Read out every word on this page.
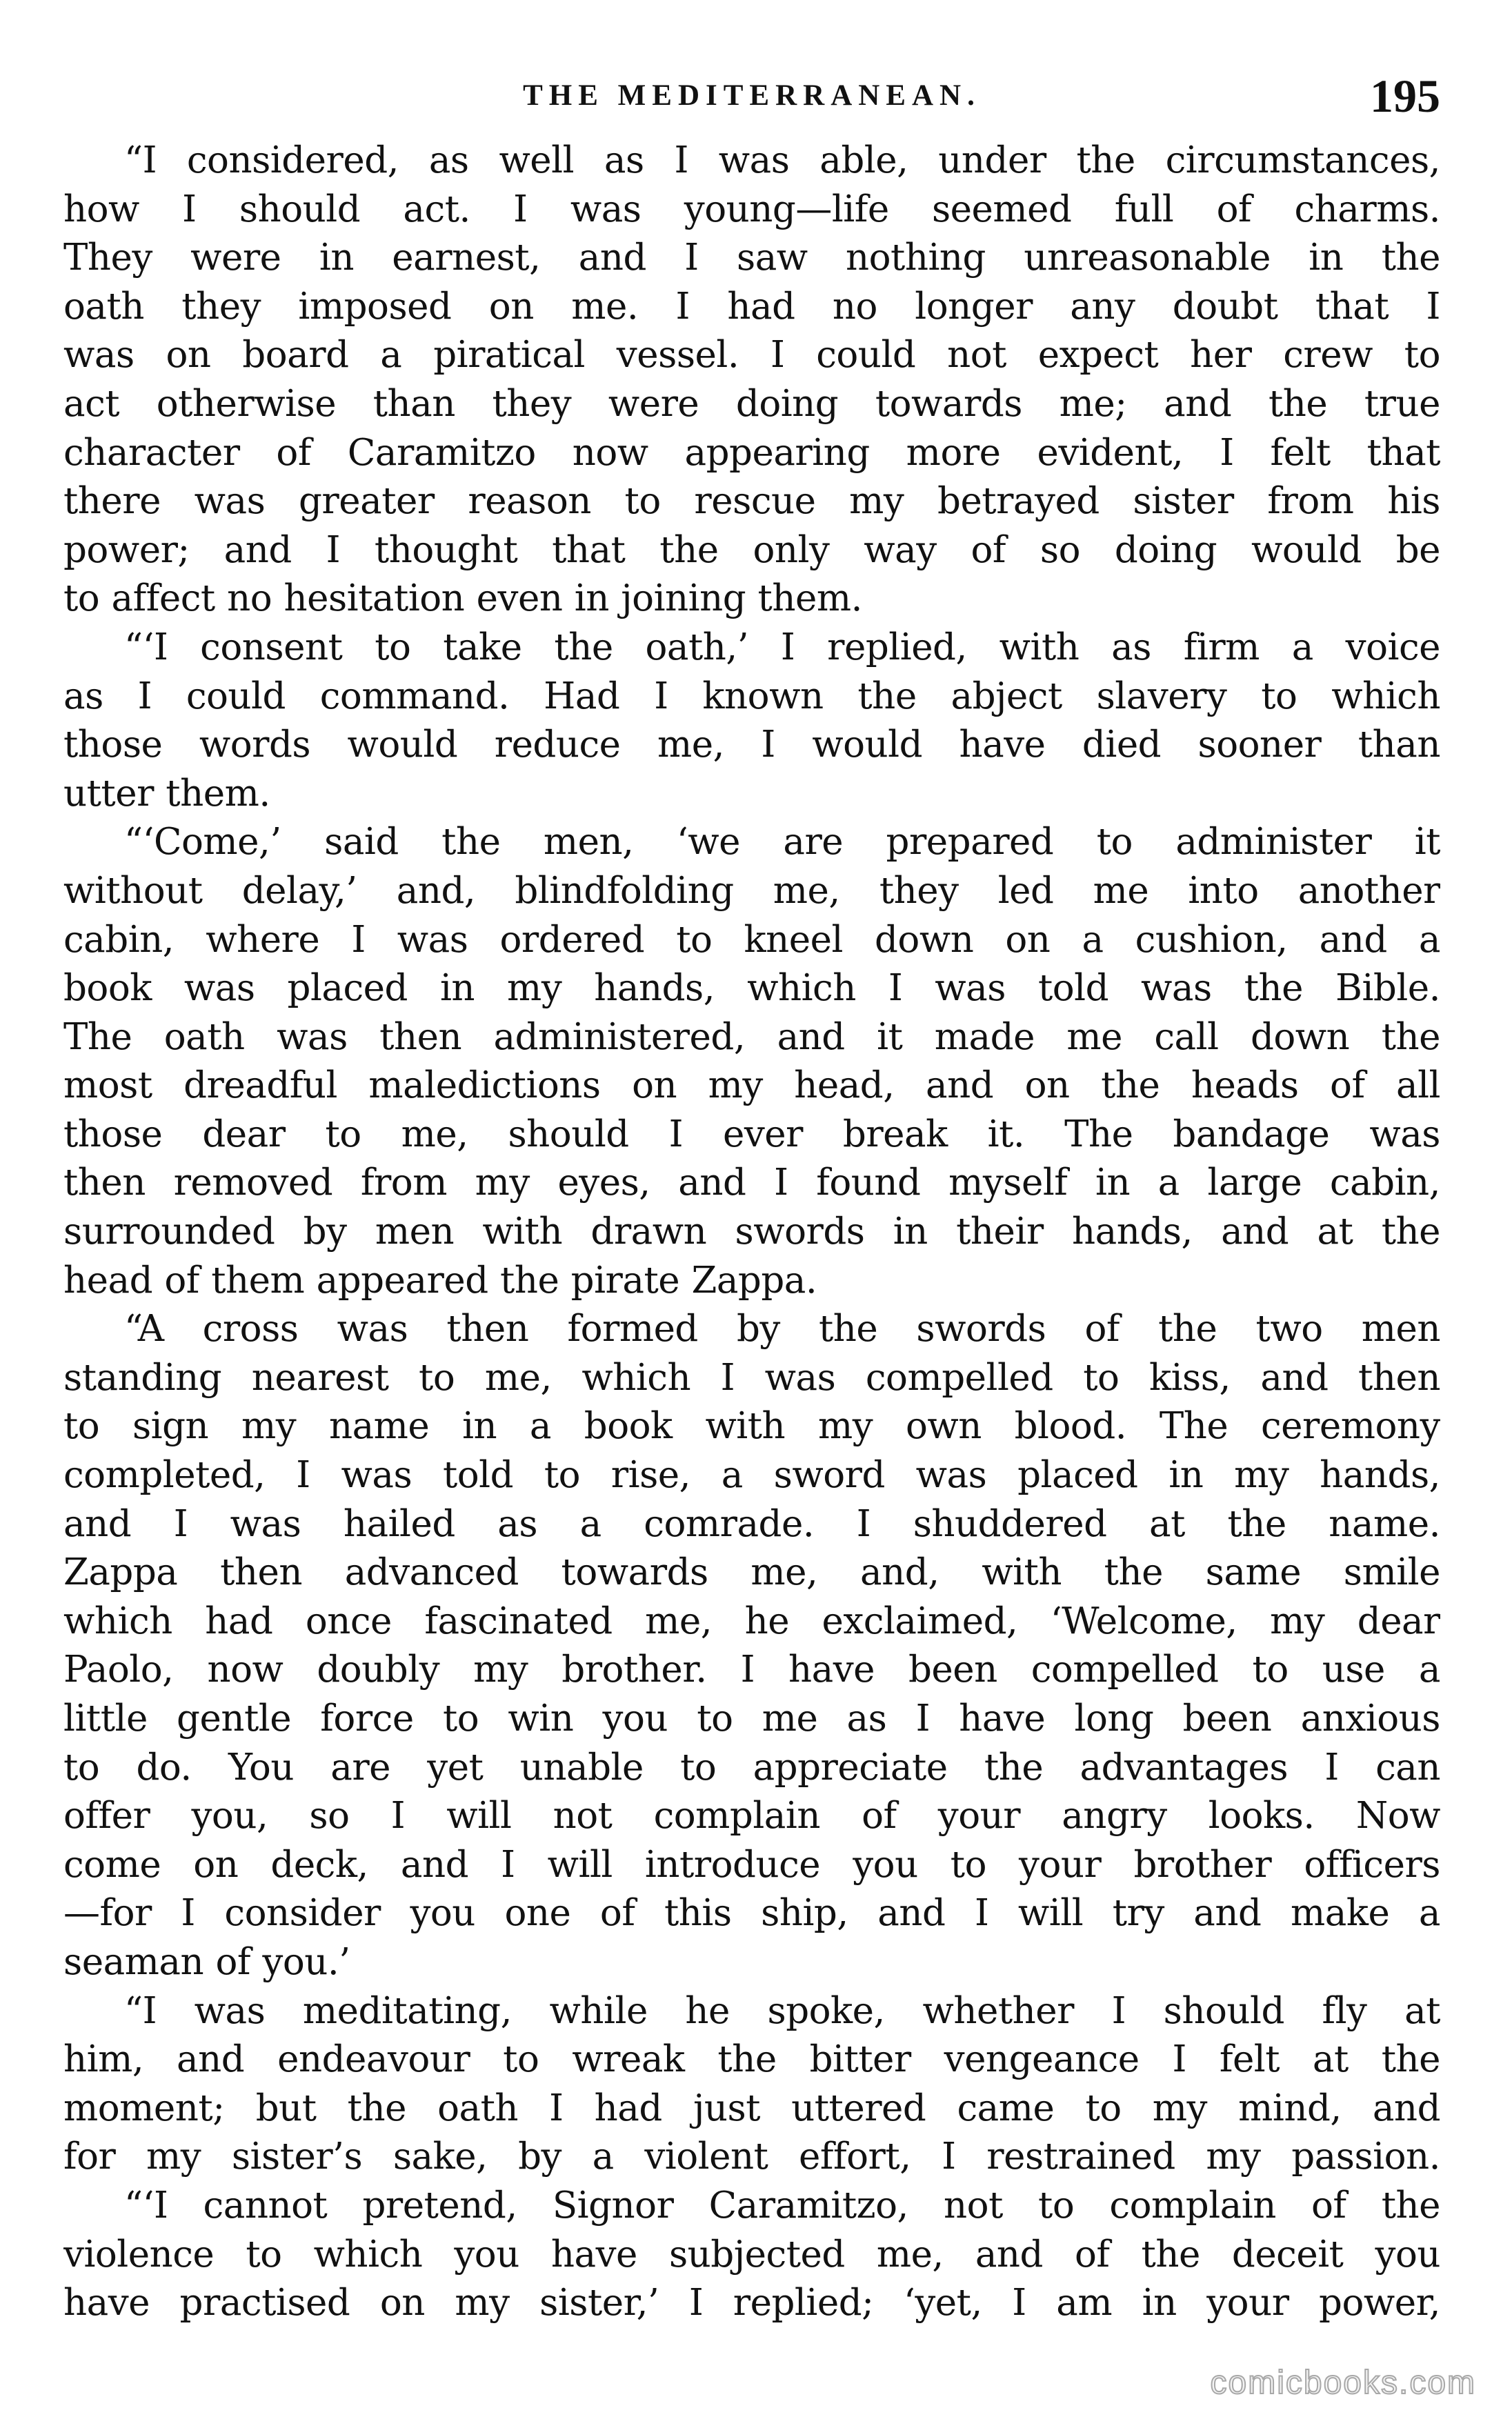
THE MEDITERRANEAN.	195
“I considered, as well as I was able, under the circumstances,
how I should act. I was young—life seemed full of charms.
They were in earnest, and I saw nothing unreasonable in the
oath they imposed on me. I had no longer any doubt that I
was on board a piratical vessel. I could not expect her crew to
act otherwise than they were doing towards me; and the true
character of Caramitzo now appearing more evident, I felt that
there was greater reason to rescue my betrayed sister from his
power; and I thought that the only way of so doing would be
to affect no hesitation even in joining them.
“‘I consent to take the oath,’ I replied, with as firm a voice
as I could command. Had I known the abject slavery to which
those words would reduce me, I would have died sooner than
utter them.
“‘Come,’ said the men, ‘we are prepared to administer it
without delay,’ and, blindfolding me, they led me into another
cabin, where I was ordered to kneel down on a cushion, and a
book was placed in my hands, which I was told was the Bible.
The oath was then administered, and it made me call down the
most dreadful maledictions on my head, and on the heads of all
those dear to me, should I ever break it. The bandage was
then removed from my eyes, and I found myself in a large cabin,
surrounded by men with drawn swords in their hands, and at the
head of them appeared the pirate Zappa.
“A cross was then formed by the swords of the two men
standing nearest to me, which I was compelled to kiss, and then
to sign my name in a book with my own blood. The ceremony
completed, I was told to rise, a sword was placed in my hands,
and I was hailed as a comrade. I shuddered at the name.
Zappa then advanced towards me, and, with the same smile
which had once fascinated me, he exclaimed, ‘Welcome, my dear
Paolo, now doubly my brother. I have been compelled to use a
little gentle force to win you to me as I have long been anxious
to do. You are yet unable to appreciate the advantages I can
offer you, so I will not complain of your angry looks. Now
come on deck, and I will introduce you to your brother officers
—for I consider you one of this ship, and I will try and make a
seaman of you.’
“I was meditating, while he spoke, whether I should fly at
him, and endeavour to wreak the bitter vengeance I felt at the
moment; but the oath I had just uttered came to my mind, and
for my sister’s sake, by a violent effort, I restrained my passion.
“‘I cannot pretend, Signor Caramitzo, not to complain of the
violence to which you have subjected me, and of the deceit you
have practised on my sister,’ I replied; ‘yet, I am in your power,
comicbooks.com
